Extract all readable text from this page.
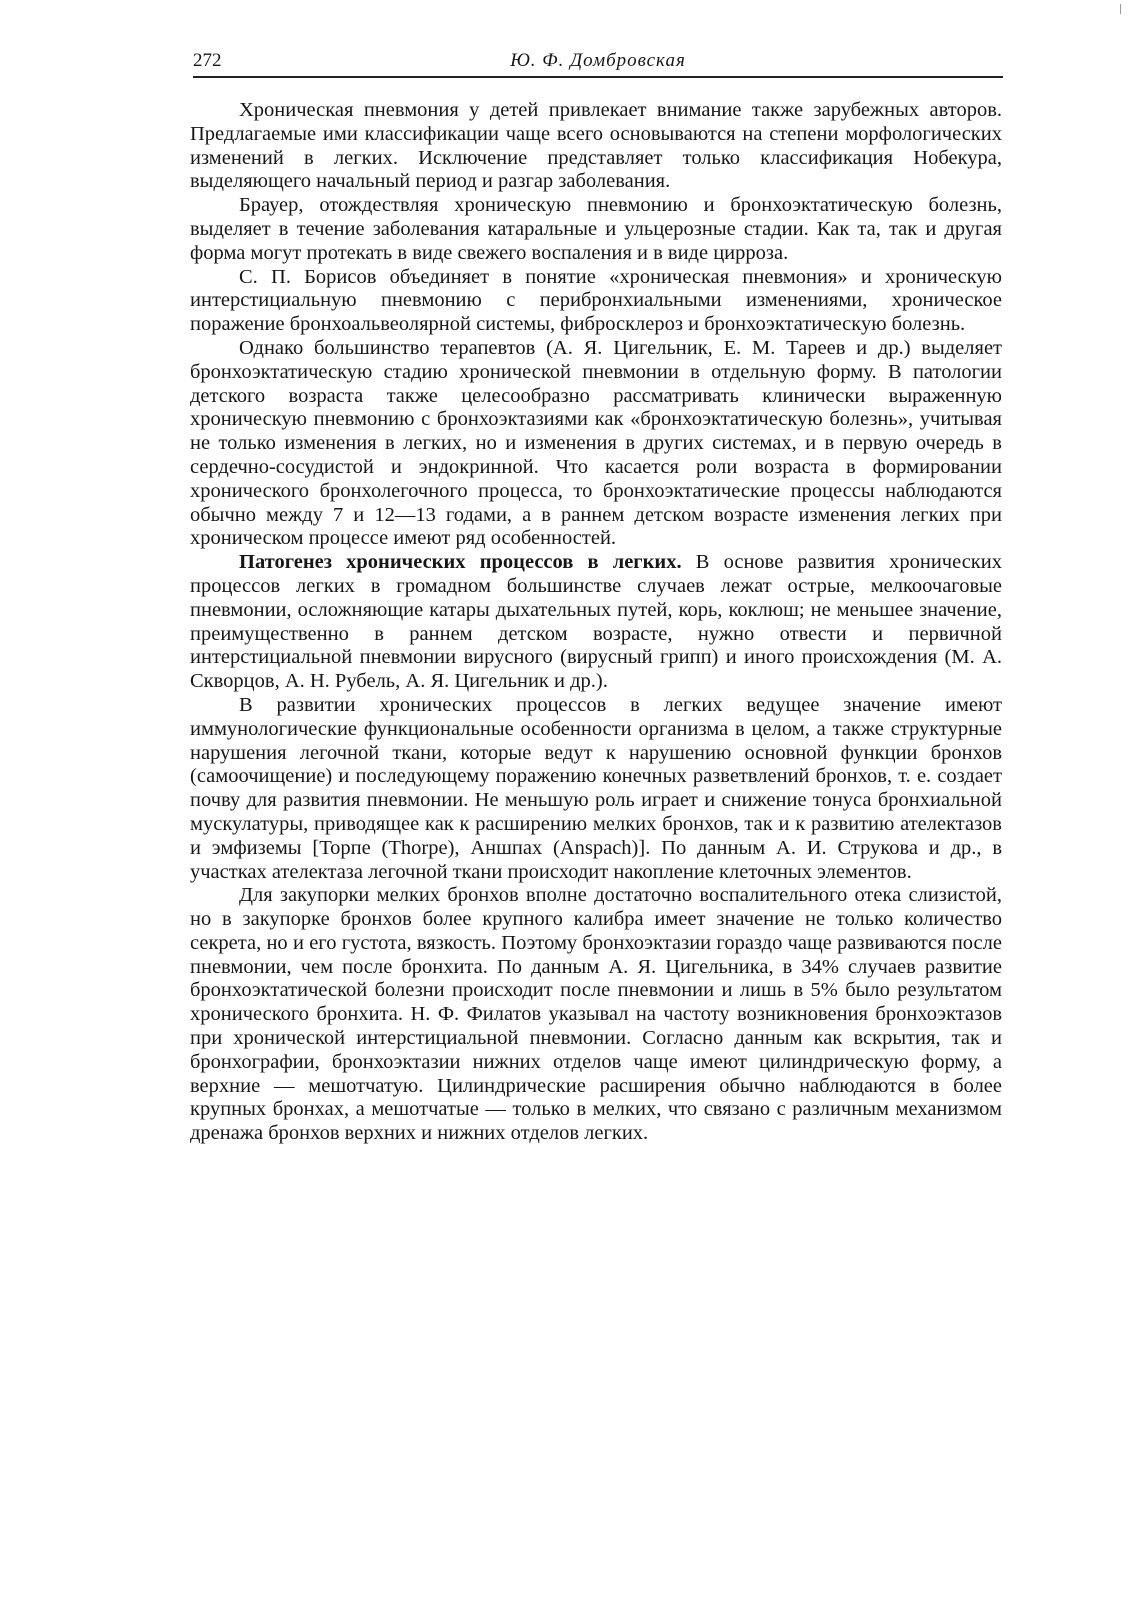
272	Ю. Ф. Домбровская

Хроническая пневмония у детей привлекает внимание также зарубежных авторов. Предлагаемые ими классификации чаще всего основываются на степени морфологических изменений в легких. Исключение представляет только классификация Нобекура, выделяющего начальный период и разгар заболевания.

Брауер, отождествляя хроническую пневмонию и бронхоэктатическую болезнь, выделяет в течение заболевания катаральные и ульцерозные стадии. Как та, так и другая форма могут протекать в виде свежего воспаления и в виде цирроза.

С. П. Борисов объединяет в понятие «хроническая пневмония» и хроническую интерстициальную пневмонию с перибронхиальными изменениями, хроническое поражение бронхоальвеолярной системы, фибросклероз и бронхоэктатическую болезнь.

Однако большинство терапевтов (А. Я. Цигельник, Е. М. Тареев и др.) выделяет бронхоэктатическую стадию хронической пневмонии в отдельную форму. В патологии детского возраста также целесообразно рассматривать клинически выраженную хроническую пневмонию с бронхоэктазиями как «бронхоэктатическую болезнь», учитывая не только изменения в легких, но и изменения в других системах, и в первую очередь в сердечно-сосудистой и эндокринной. Что касается роли возраста в формировании хронического бронхолегочного процесса, то бронхоэктатические процессы наблюдаются обычно между 7 и 12—13 годами, а в раннем детском возрасте изменения легких при хроническом процессе имеют ряд особенностей.

Патогенез хронических процессов в легких. В основе развития хронических процессов легких в громадном большинстве случаев лежат острые, мелкоочаговые пневмонии, осложняющие катары дыхательных путей, корь, коклюш; не меньшее значение, преимущественно в раннем детском возрасте, нужно отвести и первичной интерстициальной пневмонии вирусного (вирусный грипп) и иного происхождения (М. А. Скворцов, А. Н. Рубель, А. Я. Цигельник и др.).

В развитии хронических процессов в легких ведущее значение имеют иммунологические функциональные особенности организма в целом, а также структурные нарушения легочной ткани, которые ведут к нарушению основной функции бронхов (самоочищение) и последующему поражению конечных разветвлений бронхов, т. е. создает почву для развития пневмонии. Не меньшую роль играет и снижение тонуса бронхиальной мускулатуры, приводящее как к расширению мелких бронхов, так и к развитию ателектазов и эмфиземы [Торпе (Thorpe), Аншпах (Anspach)]. По данным А. И. Струкова и др., в участках ателектаза легочной ткани происходит накопление клеточных элементов.

Для закупорки мелких бронхов вполне достаточно воспалительного отека слизистой, но в закупорке бронхов более крупного калибра имеет значение не только количество секрета, но и его густота, вязкость. Поэтому бронхоэктазии гораздо чаще развиваются после пневмонии, чем после бронхита. По данным А. Я. Цигельника, в 34% случаев развитие бронхоэктатической болезни происходит после пневмонии и лишь в 5% было результатом хронического бронхита. Н. Ф. Филатов указывал на частоту возникновения бронхоэктазов при хронической интерстициальной пневмонии. Согласно данным как вскрытия, так и бронхографии, бронхоэктазии нижних отделов чаще имеют цилиндрическую форму, а верхние — мешотчатую. Цилиндрические расширения обычно наблюдаются в более крупных бронхах, а мешотчатые — только в мелких, что связано с различным механизмом дренажа бронхов верхних и нижних отделов легких.
